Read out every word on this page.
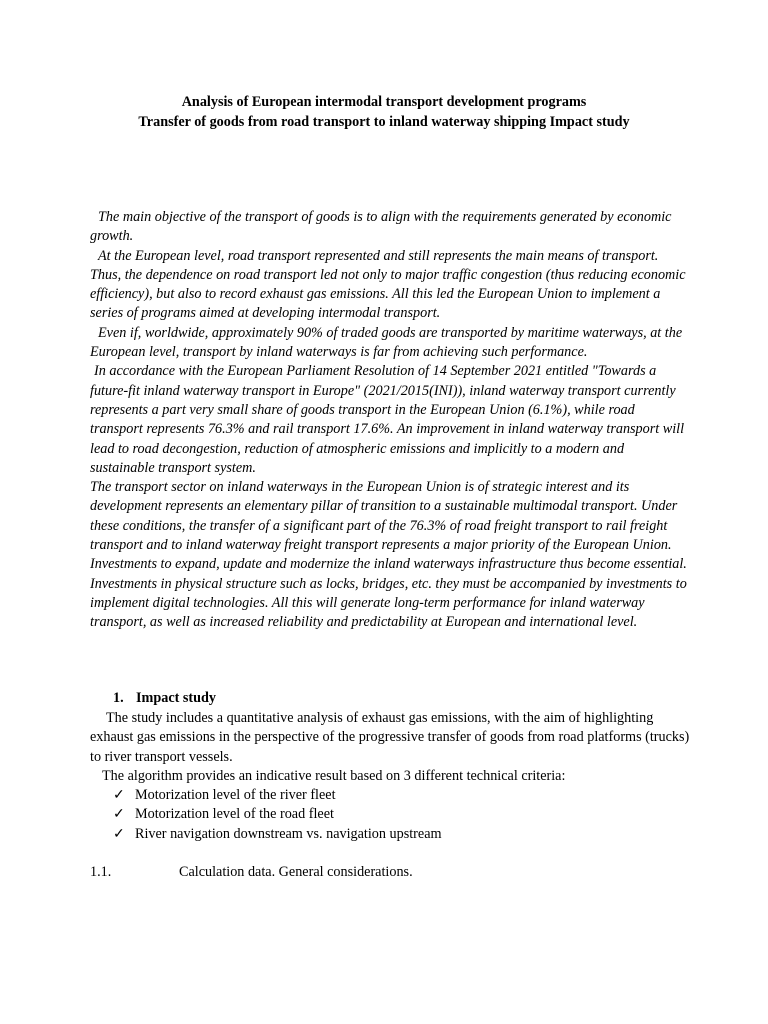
Analysis of European intermodal transport development programs
Transfer of goods from road transport to inland waterway shipping Impact study

The main objective of the transport of goods is to align with the requirements generated by economic growth.

At the European level, road transport represented and still represents the main means of transport. Thus, the dependence on road transport led not only to major traffic congestion (thus reducing economic efficiency), but also to record exhaust gas emissions. All this led the European Union to implement a series of programs aimed at developing intermodal transport.

Even if, worldwide, approximately 90% of traded goods are transported by maritime waterways, at the European level, transport by inland waterways is far from achieving such performance.

In accordance with the European Parliament Resolution of 14 September 2021 entitled "Towards a future-fit inland waterway transport in Europe" (2021/2015(INI)), inland waterway transport currently represents a part very small share of goods transport in the European Union (6.1%), while road transport represents 76.3% and rail transport 17.6%. An improvement in inland waterway transport will lead to road decongestion, reduction of atmospheric emissions and implicitly to a modern and sustainable transport system.

The transport sector on inland waterways in the European Union is of strategic interest and its development represents an elementary pillar of transition to a sustainable multimodal transport. Under these conditions, the transfer of a significant part of the 76.3% of road freight transport to rail freight transport and to inland waterway freight transport represents a major priority of the European Union. Investments to expand, update and modernize the inland waterways infrastructure thus become essential. Investments in physical structure such as locks, bridges, etc. they must be accompanied by investments to implement digital technologies. All this will generate long-term performance for inland waterway transport, as well as increased reliability and predictability at European and international level.

1. Impact study

The study includes a quantitative analysis of exhaust gas emissions, with the aim of highlighting exhaust gas emissions in the perspective of the progressive transfer of goods from road platforms (trucks) to river transport vessels.

The algorithm provides an indicative result based on 3 different technical criteria:

✓ Motorization level of the river fleet
✓ Motorization level of the road fleet
✓ River navigation downstream vs. navigation upstream
1.1.	Calculation data. General considerations.
